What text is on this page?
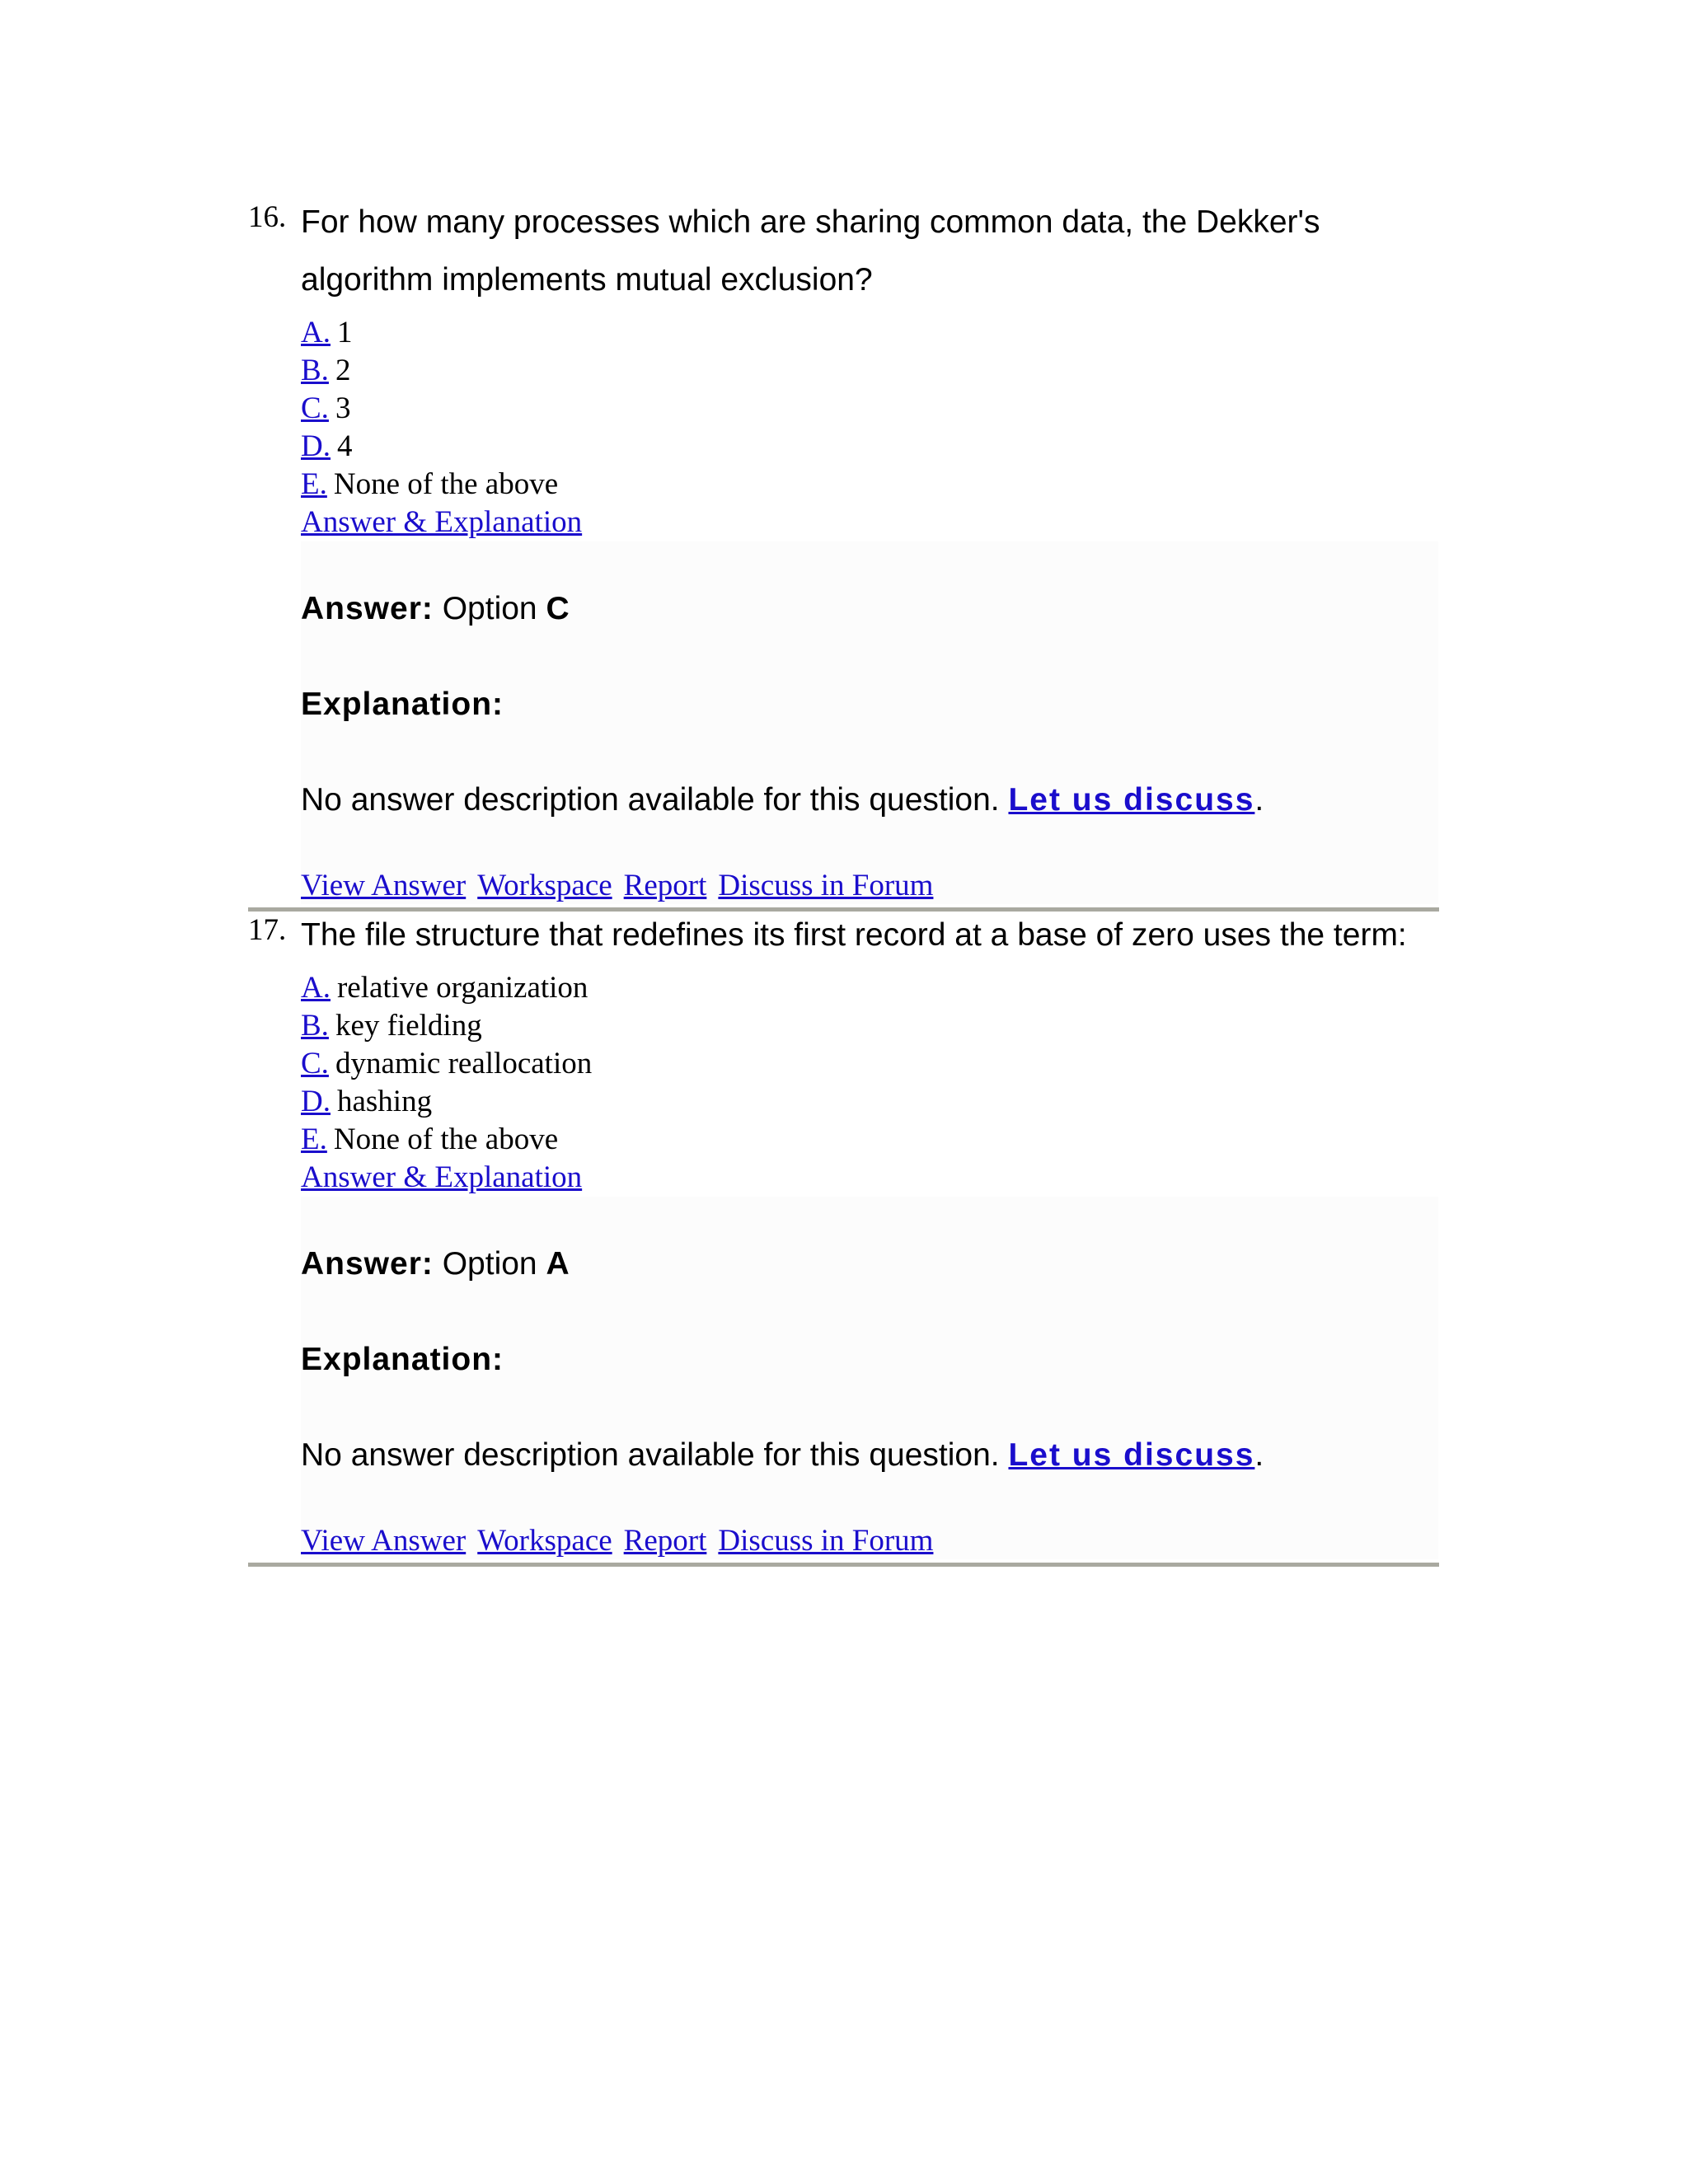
16. For how many processes which are sharing common data, the Dekker's
algorithm implements mutual exclusion?
A. 1
B. 2
C. 3
D. 4
E. None of the above
Answer & Explanation
Answer: Option C
Explanation:
No answer description available for this question. Let us discuss.
View Answer Workspace Report Discuss in Forum
17. The file structure that redefines its first record at a base of zero uses the term:
A. relative organization
B. key fielding
C. dynamic reallocation
D. hashing
E. None of the above
Answer & Explanation
Answer: Option A
Explanation:
No answer description available for this question. Let us discuss.
View Answer Workspace Report Discuss in Forum
